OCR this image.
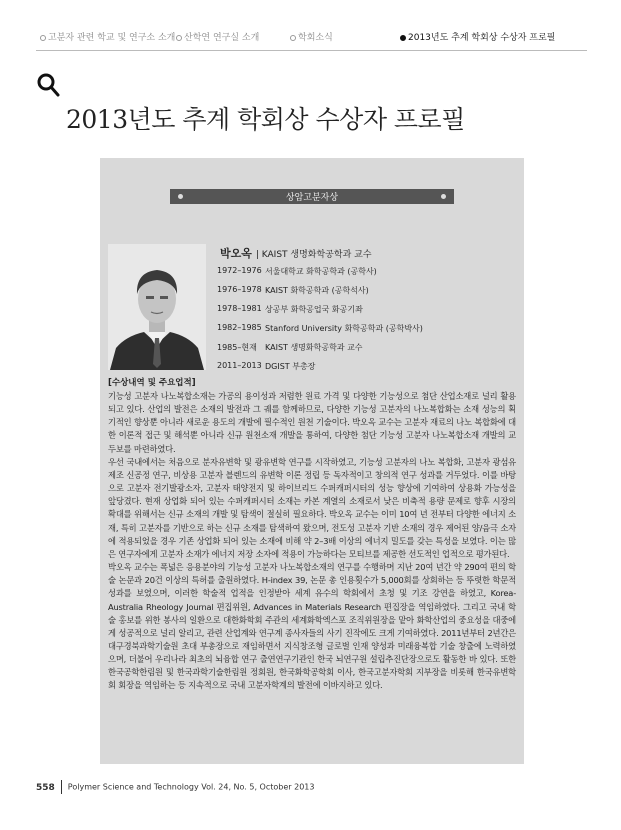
고분자 관련 학교 및 연구소 소개 산학연 연구실 소개	학회소식	2013년도 추계 학회상 수상자 프로필
2013년도 추계 학회상 수상자 프로필
상암고분자상
박오옥 | KAIST 생명화학공학과 교수
1972–1976 서울대학교 화학공학과 (공학사)
1976–1978 KAIST 화학공학과 (공학석사)
1978–1981 상공부 화학공업국 화공기좌
1982–1985 Stanford University 화학공학과 (공학박사)
1985–현재 KAIST 생명화학공학과 교수
2011–2013 DGIST 부총장
[수상내역 및 주요업적]

기능성 고분자 나노복합소재는 가공의 용이성과 저렴한 원료 가격 및 다양한 기능성으로 첨단 산업소재로 널리 활용되고 있다. 산업의 발전은 소재의 발전과 그 궤를 함께하므로, 다양한 기능성 고분자의 나노복합화는 소재 성능의 획기적인 향상뿐 아니라 새로운 용도의 개발에 필수적인 원천 기술이다. 박오옥 교수는 고분자 재료의 나노 복합화에 대한 이론적 접근 및 해석뿐 아니라 신규 원천소재 개발을 통하여, 다양한 첨단 기능성 고분자 나노복합소재 개발의 교두보를 마련하였다.

우선 국내에서는 처음으로 분자유변학 및 광유변학 연구를 시작하였고, 기능성 고분자의 나노 복합화, 고분자 광섬유 제조 신공정 연구, 비상용 고분자 블렌드의 유변학 이론 정립 등 독자적이고 창의적 연구 성과를 거두었다. 이를 바탕으로 고분자 전기발광소자, 고분자 태양전지 및 하이브리드 수퍼캐퍼시터의 성능 향상에 기여하여 상용화 가능성을 앞당겼다. 현재 상업화 되어 있는 수퍼캐퍼시터 소재는 카본 계열의 소재로서 낮은 비축적 용량 문제로 향후 시장의 확대를 위해서는 신규 소재의 개발 및 탐색이 절실히 필요하다. 박오옥 교수는 이미 10여 년 전부터 다양한 에너지 소재, 특히 고분자를 기반으로 하는 신규 소재를 탐색하여 왔으며, 전도성 고분자 기반 소재의 경우 제어된 양/음극 소자에 적용되었을 경우 기존 상업화 되어 있는 소재에 비해 약 2–3배 이상의 에너지 밀도를 갖는 특성을 보였다. 이는 많은 연구자에게 고분자 소재가 에너지 저장 소자에 적용이 가능하다는 모티브를 제공한 선도적인 업적으로 평가된다.

박오옥 교수는 폭넓은 응용분야의 기능성 고분자 나노복합소재의 연구를 수행하며 지난 20여 년간 약 290여 편의 학술 논문과 20건 이상의 특허를 출원하였다. H-index 39, 논문 총 인용횟수가 5,000회를 상회하는 등 뚜렷한 학문적 성과를 보였으며, 이러한 학술적 업적을 인정받아 세계 유수의 학회에서 초청 및 기조 강연을 하였고, Korea-Australia Rheology Journal 편집위원, Advances in Materials Research 편집장을 역임하였다. 그리고 국내 학술 홍보를 위한 봉사의 일환으로 대한화학회 주관의 세계화학엑스포 조직위원장을 맡아 화학산업의 중요성을 대중에게 성공적으로 널리 알리고, 관련 산업계와 연구계 종사자들의 사기 진작에도 크게 기여하였다. 2011년부터 2년간은 대구경북과학기술원 초대 부총장으로 재임하면서 지식창조형 글로벌 인재 양성과 미래융복합 기술 창출에 노력하였으며, 더불어 우리나라 최초의 뇌융합 연구 출연연구기관인 한국 뇌연구원 설립추진단장으로도 활동한 바 있다. 또한 한국공학한림원 및 한국과학기술한림원 정회원, 한국화학공학회 이사, 한국고분자학회 지부장을 비롯해 한국유변학회 회장을 역임하는 등 지속적으로 국내 고분자학계의 발전에 이바지하고 있다.

558 Polymer Science and Technology Vol. 24, No. 5, October 2013
